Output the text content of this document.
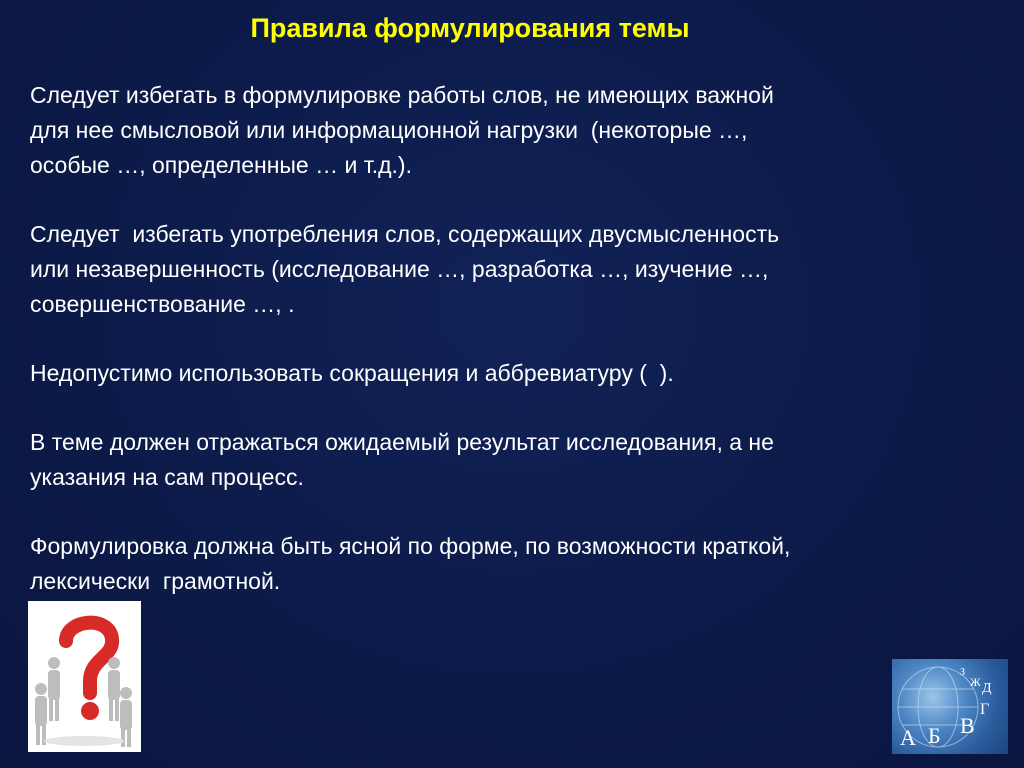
Правила формулирования темы

Следует избегать в формулировке работы слов, не имеющих важной
для нее смысловой или информационной нагрузки  (некоторые …,
особые …, определенные … и т.д.).

Следует  избегать употребления слов, содержащих двусмысленность
или незавершенность (исследование …, разработка …, изучение …,
совершенствование …, .

Недопустимо использовать сокращения и аббревиатуру (  ).

В теме должен отражаться ожидаемый результат исследования, а не
указания на сам процесс.

Формулировка должна быть ясной по форме, по возможности краткой,
лексически  грамотной.

А Б В
Г
Д
Ж
З
